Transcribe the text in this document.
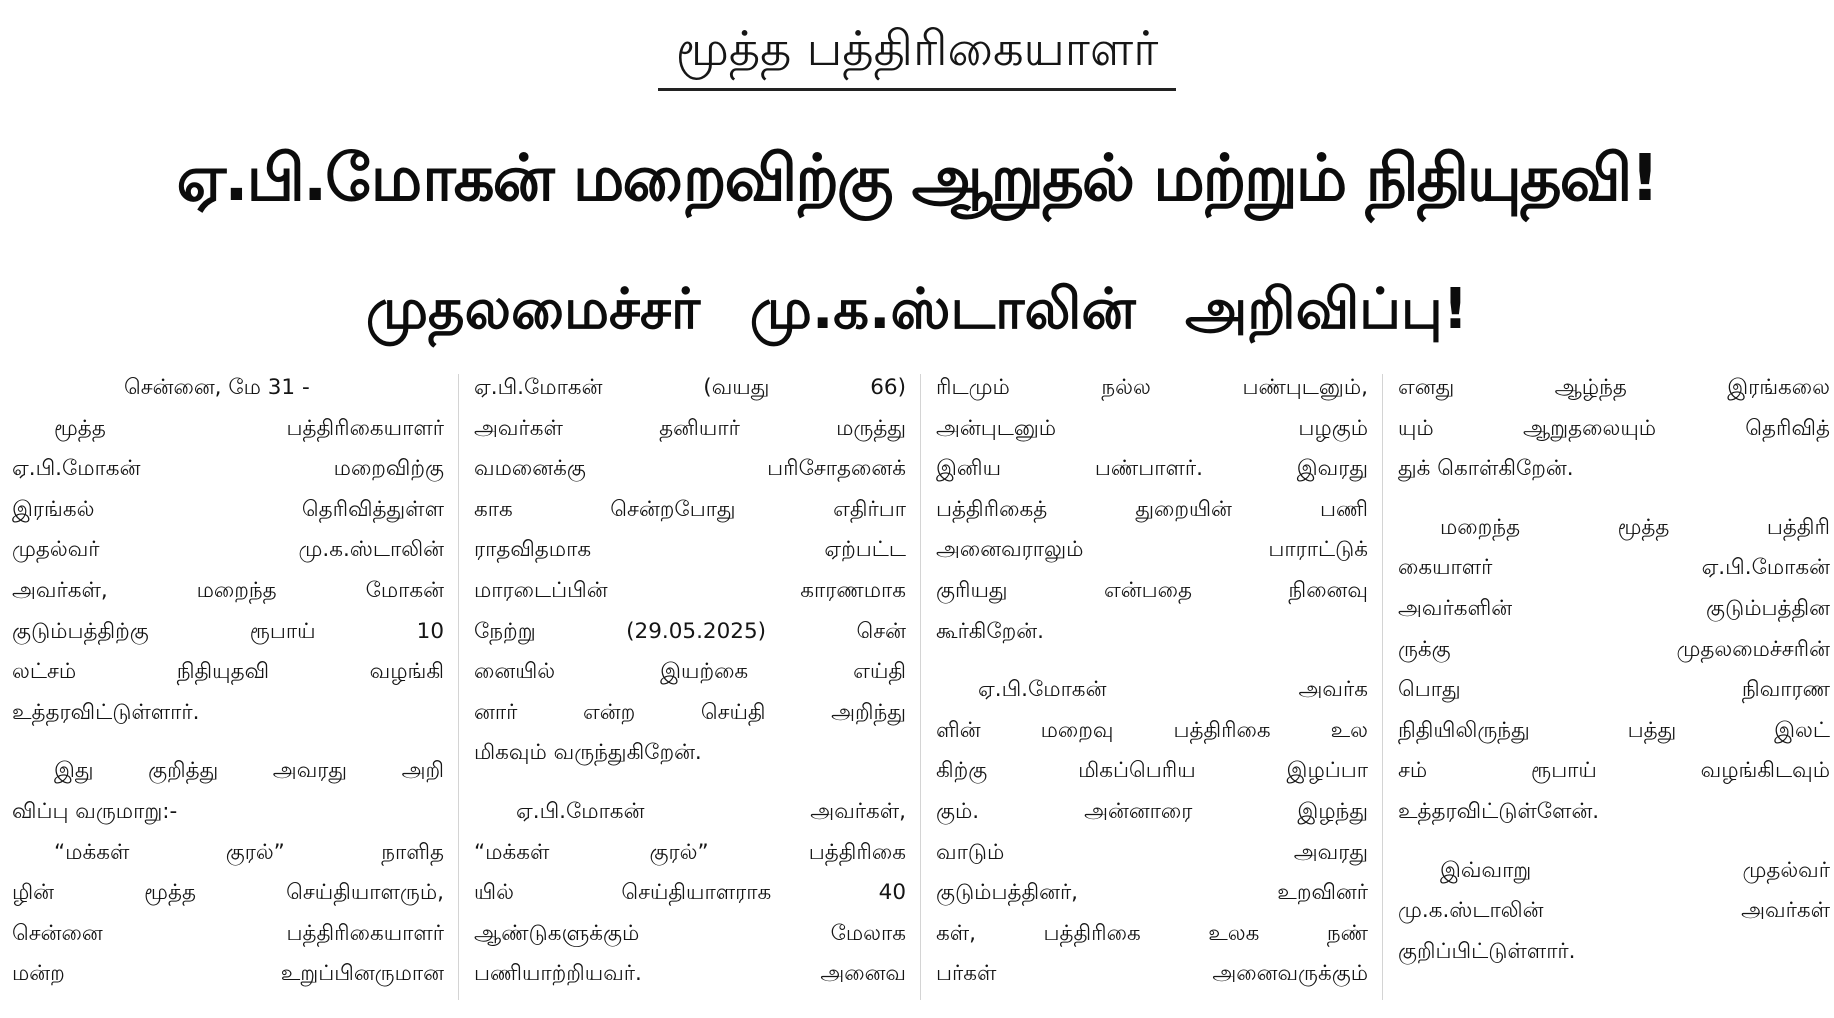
மூத்த பத்திரிகையாளர்
ஏ.பி.மோகன் மறைவிற்கு ஆறுதல் மற்றும் நிதியுதவி!
முதலமைச்சர் மு.க.ஸ்டாலின் அறிவிப்பு!
சென்னை, மே 31 -
மூத்த பத்திரிகையாளர்
ஏ.பி.மோகன் மறைவிற்கு
இரங்கல் தெரிவித்துள்ள
முதல்வர் மு.க.ஸ்டாலின்
அவர்கள், மறைந்த மோகன்
குடும்பத்திற்கு ரூபாய் 10
லட்சம் நிதியுதவி வழங்கி
உத்தரவிட்டுள்ளார்.
இது குறித்து அவரது அறி
விப்பு வருமாறு:-
“மக்கள் குரல்” நாளித
ழின் மூத்த செய்தியாளரும்,
சென்னை பத்திரிகையாளர்
மன்ற உறுப்பினருமான
ஏ.பி.மோகன் (வயது 66)
அவர்கள் தனியார் மருத்து
வமனைக்கு பரிசோதனைக்
காக சென்றபோது எதிர்பா
ராதவிதமாக ஏற்பட்ட
மாரடைப்பின் காரணமாக
நேற்று (29.05.2025) சென்
னையில் இயற்கை எய்தி
னார் என்ற செய்தி அறிந்து
மிகவும் வருந்துகிறேன்.
ஏ.பி.மோகன் அவர்கள்,
“மக்கள் குரல்” பத்திரிகை
யில் செய்தியாளராக 40
ஆண்டுகளுக்கும் மேலாக
பணியாற்றியவர். அனைவ
ரிடமும் நல்ல பண்புடனும்,
அன்புடனும் பழகும்
இனிய பண்பாளர். இவரது
பத்திரிகைத் துறையின் பணி
அனைவராலும் பாராட்டுக்
குரியது என்பதை நினைவு
கூர்கிறேன்.
ஏ.பி.மோகன் அவர்க
ளின் மறைவு பத்திரிகை உல
கிற்கு மிகப்பெரிய இழப்பா
கும். அன்னாரை இழந்து
வாடும் அவரது
குடும்பத்தினர், உறவினர்
கள், பத்திரிகை உலக நண்
பர்கள் அனைவருக்கும்
எனது ஆழ்ந்த இரங்கலை
யும் ஆறுதலையும் தெரிவித்
துக் கொள்கிறேன்.
மறைந்த மூத்த பத்திரி
கையாளர் ஏ.பி.மோகன்
அவர்களின் குடும்பத்தின
ருக்கு முதலமைச்சரின்
பொது நிவாரண
நிதியிலிருந்து பத்து இலட்
சம் ரூபாய் வழங்கிடவும்
உத்தரவிட்டுள்ளேன்.
இவ்வாறு முதல்வர்
மு.க.ஸ்டாலின் அவர்கள்
குறிப்பிட்டுள்ளார்.
